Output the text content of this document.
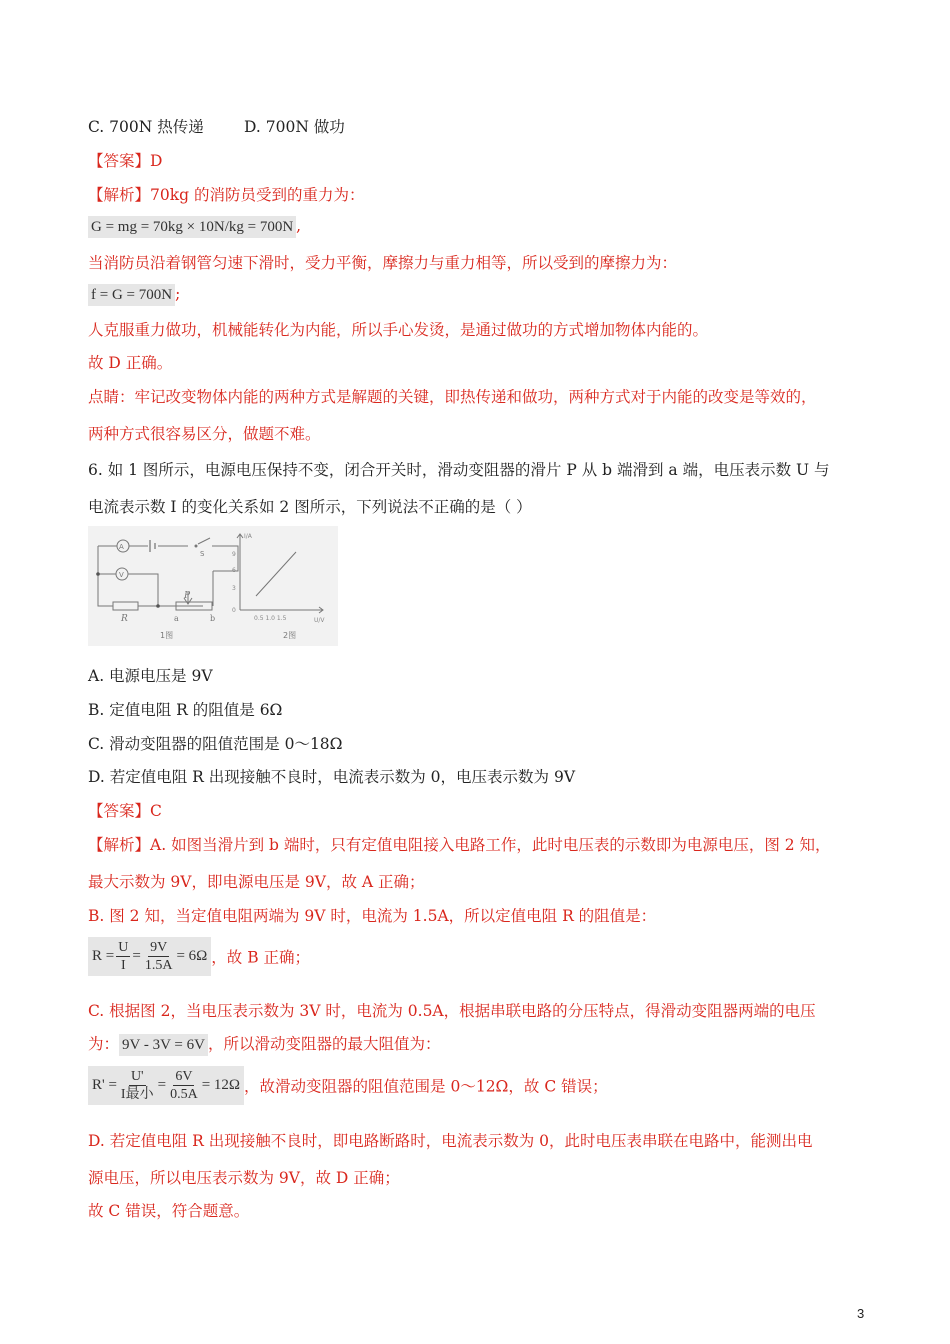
C. 700N 热传递	D. 700N 做功
【答案】D
【解析】70kg 的消防员受到的重力为：
G = mg = 70kg × 10N/kg = 700N ,
当消防员沿着钢管匀速下滑时，受力平衡，摩擦力与重力相等，所以受到的摩擦力为：
f = G = 700N ;
人克服重力做功，机械能转化为内能，所以手心发烫，是通过做功的方式增加物体内能的。
故 D 正确。
点睛：牢记改变物体内能的两种方式是解题的关键，即热传递和做功，两种方式对于内能的改变是等效的，
两种方式很容易区分，做题不难。
6. 如 1 图所示，电源电压保持不变，闭合开关时，滑动变阻器的滑片 P 从 b 端滑到 a 端，电压表示数 U 与
电流表示数 I 的变化关系如 2 图所示，下列说法不正确的是（ ）
A
V
S
R
P
a	b
1图
I/A
U/V
9
6
3
0
0.5 1.0 1.5
2图
A. 电源电压是 9V
B. 定值电阻 R 的阻值是 6Ω
C. 滑动变阻器的阻值范围是 0～18Ω
D. 若定值电阻 R 出现接触不良时，电流表示数为 0，电压表示数为 9V
【答案】C
【解析】A. 如图当滑片到 b 端时，只有定值电阻接入电路工作，此时电压表的示数即为电源电压，图 2 知，
最大示数为 9V，即电源电压是 9V，故 A 正确；
B. 图 2 知，当定值电阻两端为 9V 时，电流为 1.5A，所以定值电阻 R 的阻值是：
$R = \frac{U}{I} = \frac{9V}{1.5A} = 6\Omega$ ，故 B 正确；
C. 根据图 2，当电压表示数为 3V 时，电流为 0.5A，根据串联电路的分压特点，得滑动变阻器两端的电压
为： 9V - 3V = 6V ，所以滑动变阻器的最大阻值为：
$R' = \frac{U'}{\text{I最小}} = \frac{6V}{0.5A} = 12\Omega$ ，故滑动变阻器的阻值范围是 0～12Ω，故 C 错误；
D. 若定值电阻 R 出现接触不良时，即电路断路时，电流表示数为 0，此时电压表串联在电路中，能测出电
源电压，所以电压表示数为 9V，故 D 正确；
故 C 错误，符合题意。
3
